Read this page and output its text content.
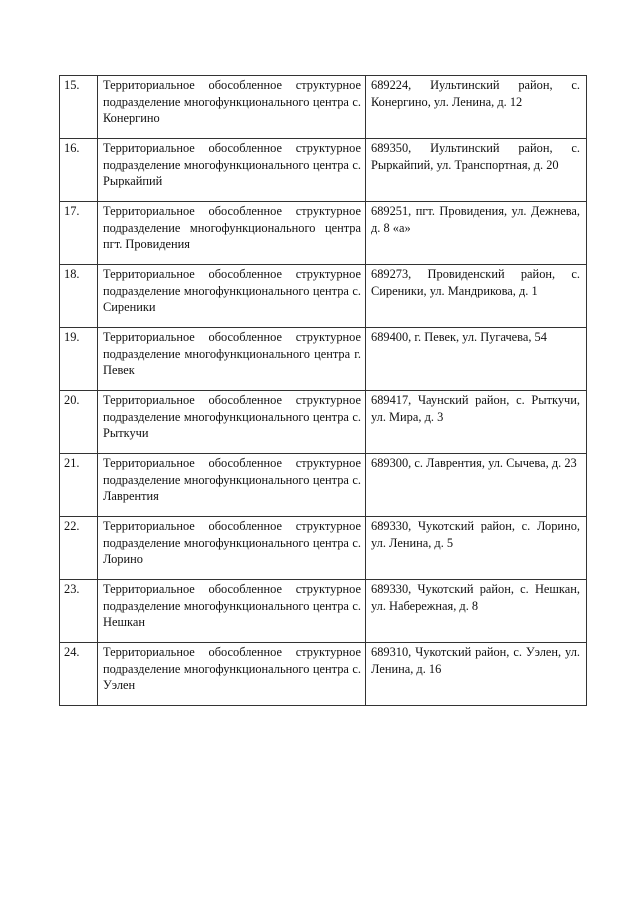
15.	Территориальное обособленное структурное подразделение многофункционального центра с. Конергино	689224, Иультинский район, с. Конергино, ул. Ленина, д. 12

16.	Территориальное обособленное структурное подразделение многофункционального центра с. Рыркайпий	689350, Иультинский район, с. Рыркайпий, ул. Транспортная, д. 20

17.	Территориальное обособленное структурное подразделение многофункционального центра пгт. Провидения	689251, пгт. Провидения, ул. Дежнева, д. 8 «а»

18.	Территориальное обособленное структурное подразделение многофункционального центра с. Сиреники	689273, Провиденский район, с. Сиреники, ул. Мандрикова, д. 1

19.	Территориальное обособленное структурное подразделение многофункционального центра г. Певек	689400, г. Певек, ул. Пугачева, 54

20.	Территориальное обособленное структурное подразделение многофункционального центра с. Рыткучи	689417, Чаунский район, с. Рыткучи, ул. Мира, д. 3

21.	Территориальное обособленное структурное подразделение многофункционального центра с. Лаврентия	689300, с. Лаврентия, ул. Сычева, д. 23

22.	Территориальное обособленное структурное подразделение многофункционального центра с. Лорино	689330, Чукотский район, с. Лорино, ул. Ленина, д. 5

23.	Территориальное обособленное структурное подразделение многофункционального центра с. Нешкан	689330, Чукотский район, с. Нешкан, ул. Набережная, д. 8

24.	Территориальное обособленное структурное подразделение многофункционального центра с. Уэлен	689310, Чукотский район, с. Уэлен, ул. Ленина, д. 16
